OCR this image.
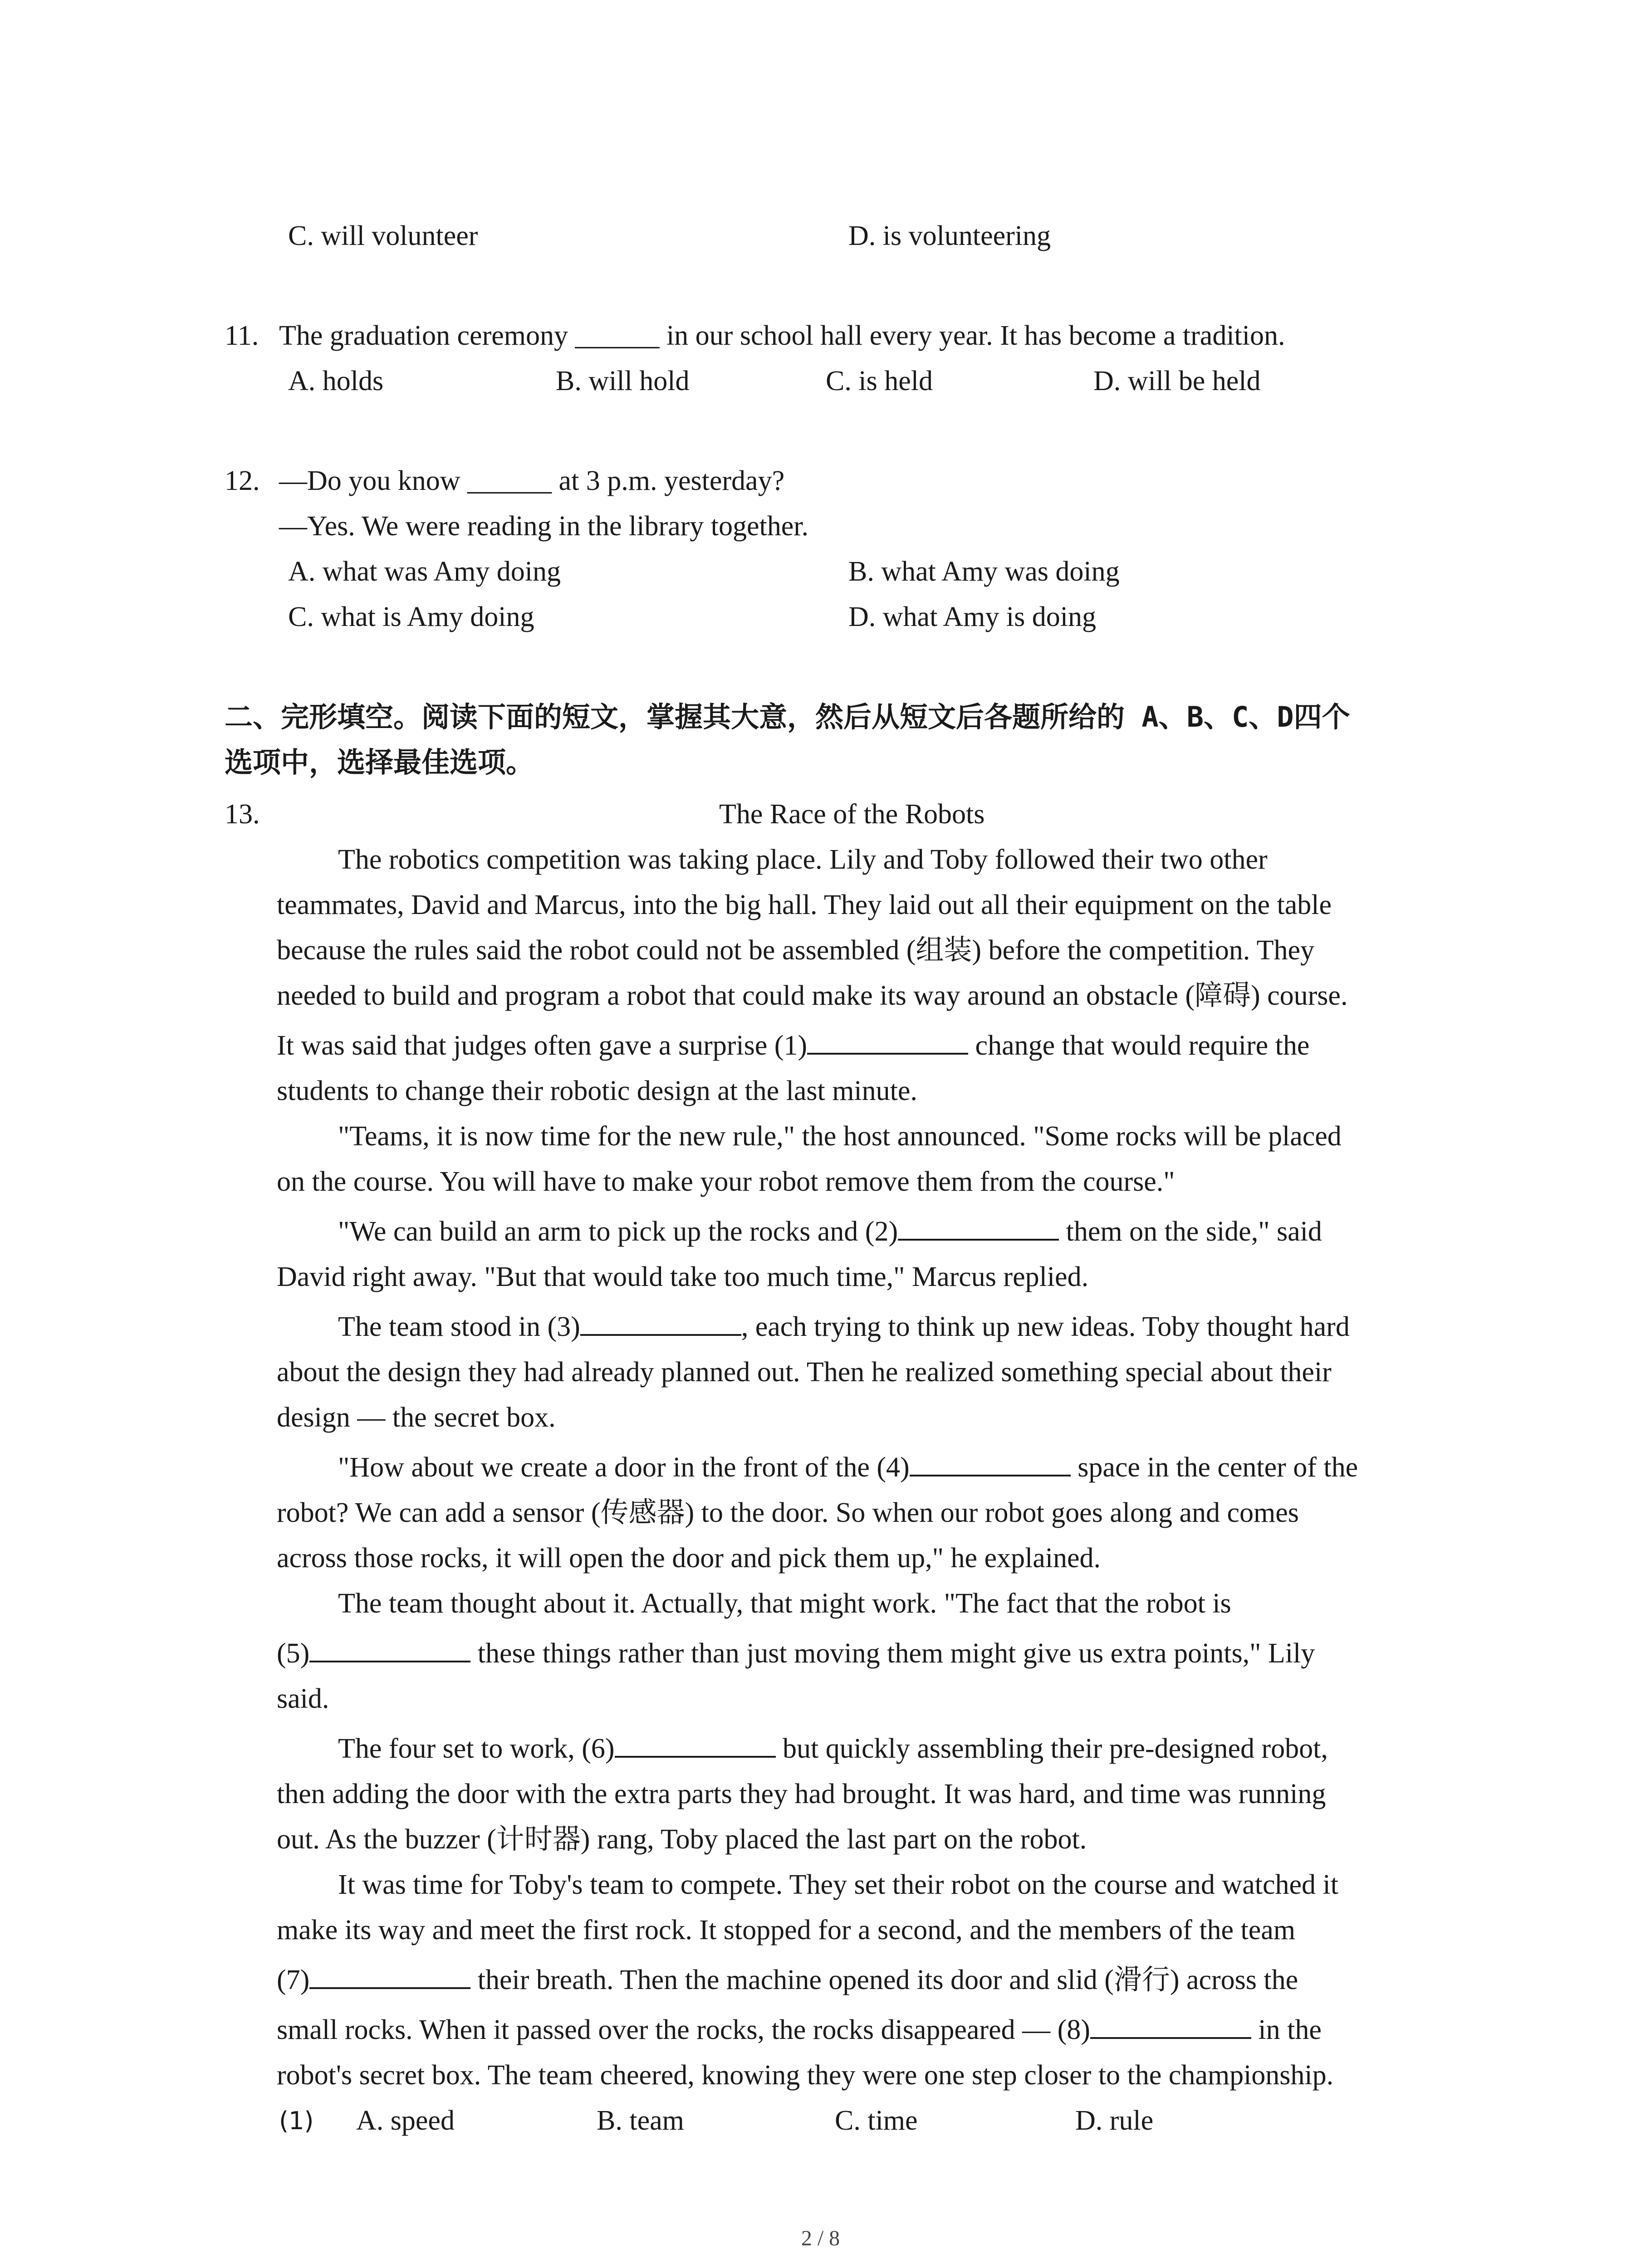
C. will volunteer	D. is volunteering
11. The graduation ceremony ______ in our school hall every year. It has become a tradition.
A. holds	B. will hold	C. is held	D. will be held
12. —Do you know ______ at 3 p.m. yesterday?
—Yes. We were reading in the library together.
A. what was Amy doing	B. what Amy was doing
C. what is Amy doing	D. what Amy is doing
二、完形填空。阅读下面的短文，掌握其大意，然后从短文后各题所给的 A、B、C、D四个
选项中，选择最佳选项。
13.	The Race of the Robots
The robotics competition was taking place. Lily and Toby followed their two other
teammates, David and Marcus, into the big hall. They laid out all their equipment on the table
because the rules said the robot could not be assembled (组装) before the competition. They
needed to build and program a robot that could make its way around an obstacle (障碍) course.
It was said that judges often gave a surprise (1)	change that would require the
students to change their robotic design at the last minute.
"Teams, it is now time for the new rule," the host announced. "Some rocks will be placed
on the course. You will have to make your robot remove them from the course."
"We can build an arm to pick up the rocks and (2)	them on the side," said
David right away. "But that would take too much time," Marcus replied.
The team stood in (3)	, each trying to think up new ideas. Toby thought hard
about the design they had already planned out. Then he realized something special about their
design — the secret box.
"How about we create a door in the front of the (4)	space in the center of the
robot? We can add a sensor (传感器) to the door. So when our robot goes along and comes
across those rocks, it will open the door and pick them up," he explained.
The team thought about it. Actually, that might work. "The fact that the robot is
(5)	these things rather than just moving them might give us extra points," Lily
said.
The four set to work, (6)	but quickly assembling their pre-designed robot,
then adding the door with the extra parts they had brought. It was hard, and time was running
out. As the buzzer (计时器) rang, Toby placed the last part on the robot.
It was time for Toby's team to compete. They set their robot on the course and watched it
make its way and meet the first rock. It stopped for a second, and the members of the team
(7)	their breath. Then the machine opened its door and slid (滑行) across the
small rocks. When it passed over the rocks, the rocks disappeared — (8)	in the
robot's secret box. The team cheered, knowing they were one step closer to the championship.
(1) A. speed	B. team	C. time	D. rule
2 / 8
